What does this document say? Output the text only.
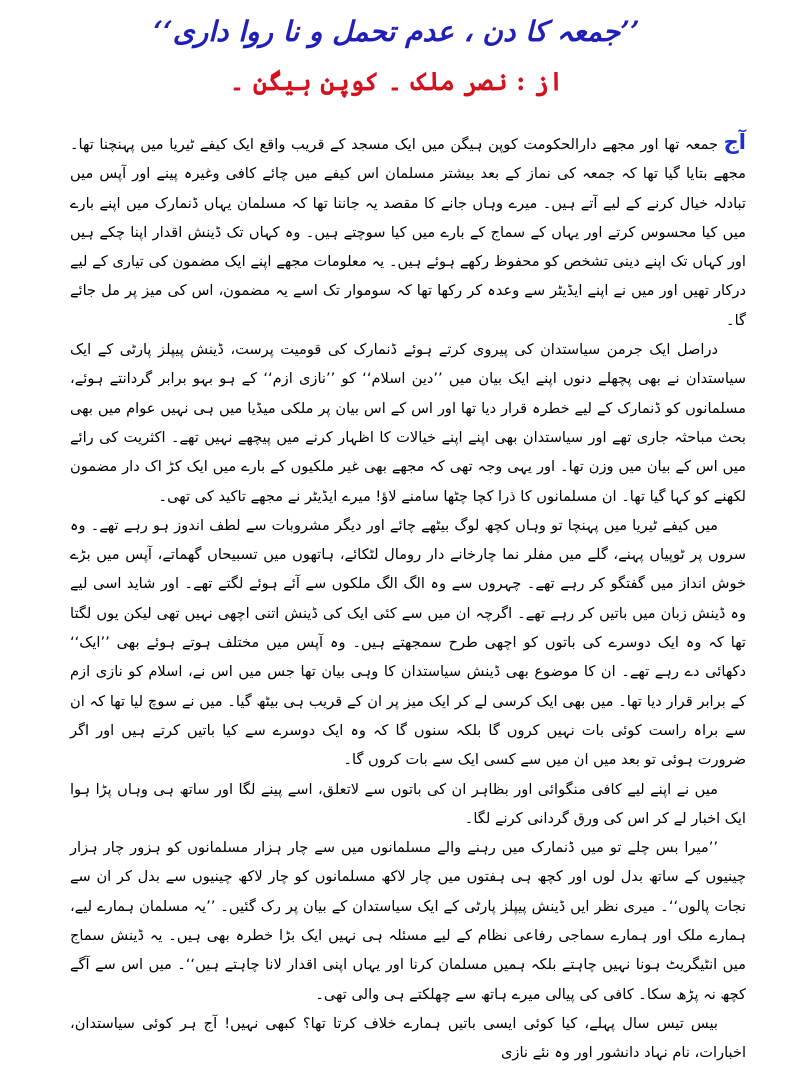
’’جمعہ کا دن ، عدم تحمل و نا روا داری‘‘
از : نصر ملک ۔ کوپن ہیگن ۔

آج جمعہ تھا اور مجھے دارالحکومت کوپن ہیگن میں ایک مسجد کے قریب واقع ایک کیفے ٹیریا میں پہنچنا تھا۔ مجھے بتایا گیا تھا کہ جمعہ کی نماز کے بعد بیشتر مسلمان اس کیفے میں چائے کافی وغیرہ پینے اور آپس میں تبادلہ خیال کرنے کے لیے آتے ہیں۔ میرے وہاں جانے کا مقصد یہ جاننا تھا کہ مسلمان یہاں ڈنمارک میں اپنے بارے میں کیا محسوس کرتے اور یہاں کے سماج کے بارے میں کیا سوچتے ہیں۔ وہ کہاں تک ڈینش اقدار اپنا چکے ہیں اور کہاں تک اپنے دینی تشخص کو محفوظ رکھے ہوئے ہیں۔ یہ معلومات مجھے اپنے ایک مضمون کی تیاری کے لیے درکار تھیں اور میں نے اپنے ایڈیٹر سے وعدہ کر رکھا تھا کہ سوموار تک اسے یہ مضمون، اس کی میز پر مل جائے گا۔

دراصل ایک جرمن سیاستدان کی پیروی کرتے ہوئے ڈنمارک کی قومیت پرست، ڈینش پیپلز پارٹی کے ایک سیاستدان نے بھی پچھلے دنوں اپنے ایک بیان میں ’’دین اسلام‘‘ کو ’’نازی ازم‘‘ کے ہو بہو برابر گردانتے ہوئے، مسلمانوں کو ڈنمارک کے لیے خطرہ قرار دیا تھا اور اس کے اس بیان پر ملکی میڈیا میں ہی نہیں عوام میں بھی بحث مباحثہ جاری تھے اور سیاستدان بھی اپنے اپنے خیالات کا اظہار کرنے میں پیچھے نہیں تھے۔ اکثریت کی رائے میں اس کے بیان میں وزن تھا۔ اور یہی وجہ تھی کہ مجھے بھی غیر ملکیوں کے بارے میں ایک کڑ اک دار مضمون لکھنے کو کہا گیا تھا۔ ان مسلمانوں کا ذرا کچا چٹھا سامنے لاؤ! میرے ایڈیٹر نے مجھے تاکید کی تھی۔

میں کیفے ٹیریا میں پہنچا تو وہاں کچھ لوگ بیٹھے چائے اور دیگر مشروبات سے لطف اندوز ہو رہے تھے۔ وہ سروں پر ٹوپیاں پہنے، گلے میں مفلر نما چارخانے دار رومال لٹکائے، ہاتھوں میں تسبیحاں گھماتے، آپس میں بڑے خوش انداز میں گفتگو کر رہے تھے۔ چہروں سے وہ الگ الگ ملکوں سے آئے ہوئے لگتے تھے۔ اور شاید اسی لیے وہ ڈینش زبان میں باتیں کر رہے تھے۔ اگرچہ ان میں سے کئی ایک کی ڈینش اتنی اچھی نہیں تھی لیکن یوں لگتا تھا کہ وہ ایک دوسرے کی باتوں کو اچھی طرح سمجھتے ہیں۔ وہ آپس میں مختلف ہوتے ہوئے بھی ’’ایک‘‘ دکھائی دے رہے تھے۔ ان کا موضوع بھی ڈینش سیاستدان کا وہی بیان تھا جس میں اس نے، اسلام کو نازی ازم کے برابر قرار دیا تھا۔ میں بھی ایک کرسی لے کر ایک میز پر ان کے قریب ہی بیٹھ گیا۔ میں نے سوچ لیا تھا کہ ان سے براہ راست کوئی بات نہیں کروں گا بلکہ سنوں گا کہ وہ ایک دوسرے سے کیا باتیں کرتے ہیں اور اگر ضرورت ہوئی تو بعد میں ان میں سے کسی ایک سے بات کروں گا۔

میں نے اپنے لیے کافی منگوائی اور بظاہر ان کی باتوں سے لاتعلق، اسے پینے لگا اور ساتھ ہی وہاں پڑا ہوا ایک اخبار لے کر اس کی ورق گردانی کرنے لگا۔

’’میرا بس چلے تو میں ڈنمارک میں رہنے والے مسلمانوں میں سے چار ہزار مسلمانوں کو ہزور چار ہزار چینیوں کے ساتھ بدل لوں اور کچھ ہی ہفتوں میں چار لاکھ مسلمانوں کو چار لاکھ چینیوں سے بدل کر ان سے نجات پالوں‘‘۔ میری نظر ایں ڈینش پیپلز پارٹی کے ایک سیاستدان کے بیان پر رک گئیں۔ ’’یہ مسلمان ہمارے لیے، ہمارے ملک اور ہمارے سماجی رفاعی نظام کے لیے مسئلہ ہی نہیں ایک بڑا خطرہ بھی ہیں۔ یہ ڈینش سماج میں انٹیگریٹ ہونا نہیں چاہتے بلکہ ہمیں مسلمان کرنا اور یہاں اپنی اقدار لانا چاہتے ہیں‘‘۔ میں اس سے آگے کچھ نہ پڑھ سکا۔ کافی کی پیالی میرے ہاتھ سے چھلکتے ہی والی تھی۔

بیس تیس سال پہلے، کیا کوئی ایسی باتیں ہمارے خلاف کرتا تھا؟ کبھی نہیں! آج ہر کوئی سیاستدان، اخبارات، نام نہاد دانشور اور وہ نئے نازی
